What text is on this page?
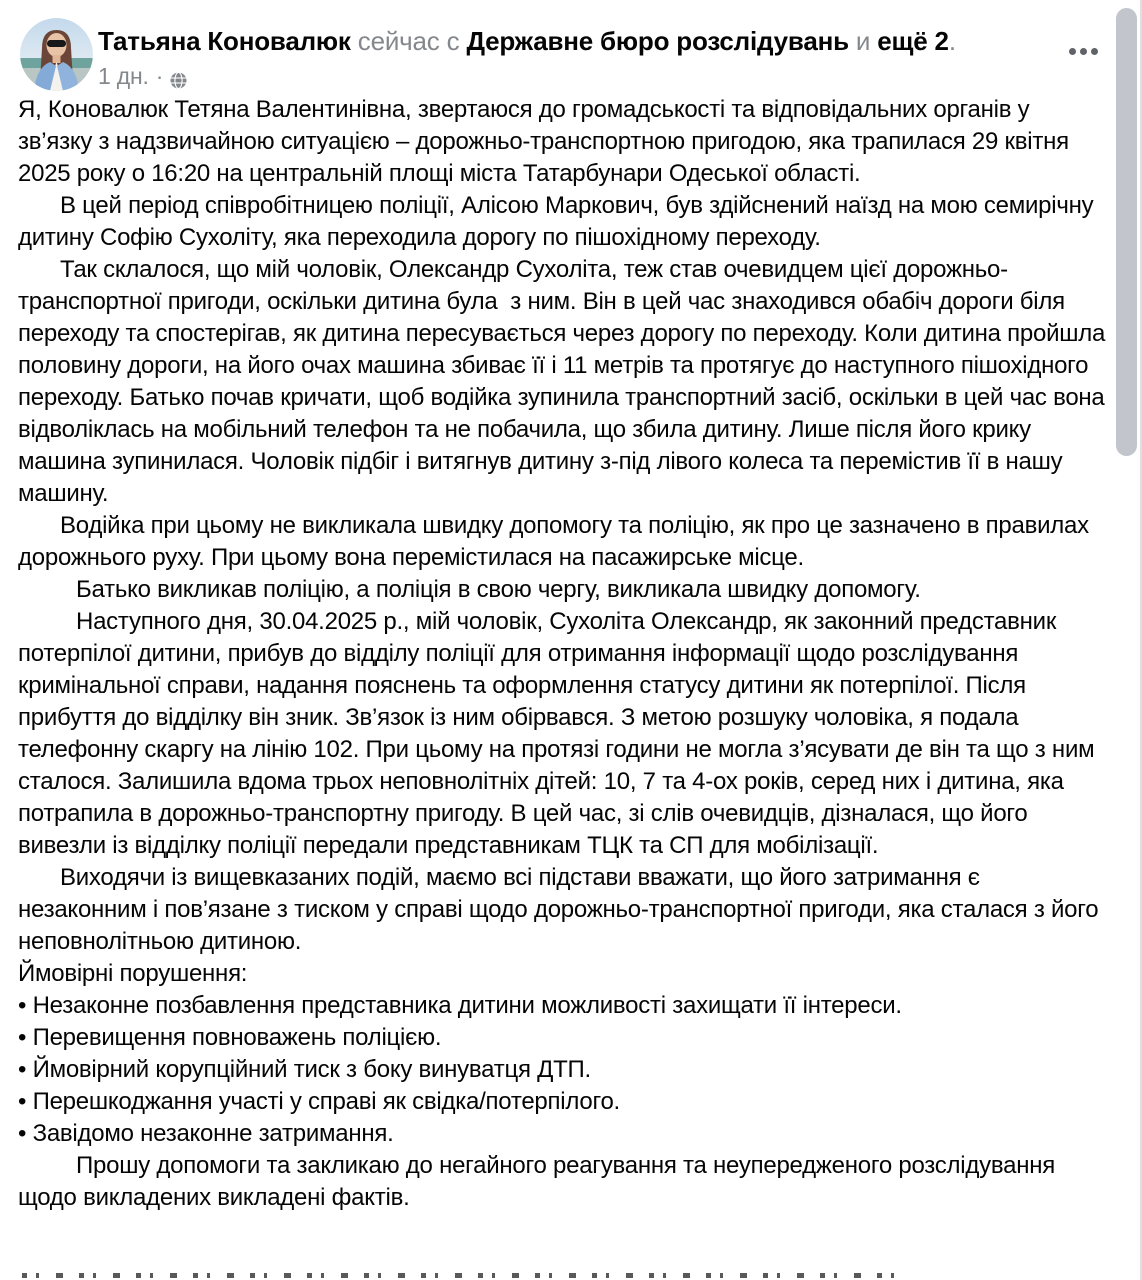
Татьяна Коновалюк сейчас с Державне бюро розслідувань и ещё 2.
1 дн. ·

Я, Коновалюк Тетяна Валентинівна, звертаюся до громадськості та відповідальних органів у зв’язку з надзвичайною ситуацією – дорожньо-транспортною пригодою, яка трапилася 29 квітня 2025 року о 16:20 на центральній площі міста Татарбунари Одеської області.

В цей період співробітницею поліції, Алісою Маркович, був здійснений наїзд на мою семирічну дитину Софію Сухоліту, яка переходила дорогу по пішохідному переходу.

Так склалося, що мій чоловік, Олександр Сухоліта, теж став очевидцем цієї дорожньо-транспортної пригоди, оскільки дитина була  з ним. Він в цей час знаходився обабіч дороги біля переходу та спостерігав, як дитина пересувається через дорогу по переходу. Коли дитина пройшла половину дороги, на його очах машина збиває її і 11 метрів та протягує до наступного пішохідного переходу. Батько почав кричати, щоб водійка зупинила транспортний засіб, оскільки в цей час вона відволіклась на мобільний телефон та не побачила, що збила дитину. Лише після його крику машина зупинилася. Чоловік підбіг і витягнув дитину з-під лівого колеса та перемістив її в нашу машину.

Водійка при цьому не викликала швидку допомогу та поліцію, як про це зазначено в правилах дорожнього руху. При цьому вона перемістилася на пасажирське місце.

Батько викликав поліцію, а поліція в свою чергу, викликала швидку допомогу.

Наступного дня, 30.04.2025 р., мій чоловік, Сухоліта Олександр, як законний представник потерпілої дитини, прибув до відділу поліції для отримання інформації щодо розслідування кримінальної справи, надання пояснень та оформлення статусу дитини як потерпілої. Після прибуття до відділку він зник. Зв’язок із ним обірвався. З метою розшуку чоловіка, я подала телефонну скаргу на лінію 102. При цьому на протязі години не могла з’ясувати де він та що з ним сталося. Залишила вдома трьох неповнолітніх дітей: 10, 7 та 4-ох років, серед них і дитина, яка потрапила в дорожньо-транспортну пригоду. В цей час, зі слів очевидців, дізналася, що його вивезли із відділку поліції передали представникам ТЦК та СП для мобілізації.

Виходячи із вищевказаних подій, маємо всі підстави вважати, що його затримання є незаконним і пов’язане з тиском у справі щодо дорожньо-транспортної пригоди, яка сталася з його неповнолітньою дитиною.

Ймовірні порушення:

• Незаконне позбавлення представника дитини можливості захищати її інтереси.

• Перевищення повноважень поліцією.

• Ймовірний корупційний тиск з боку винуватця ДТП.

• Перешкоджання участі у справі як свідка/потерпілого.

• Завідомо незаконне затримання.

Прошу допомоги та закликаю до негайного реагування та неупередженого розслідування щодо викладених викладені фактів.
